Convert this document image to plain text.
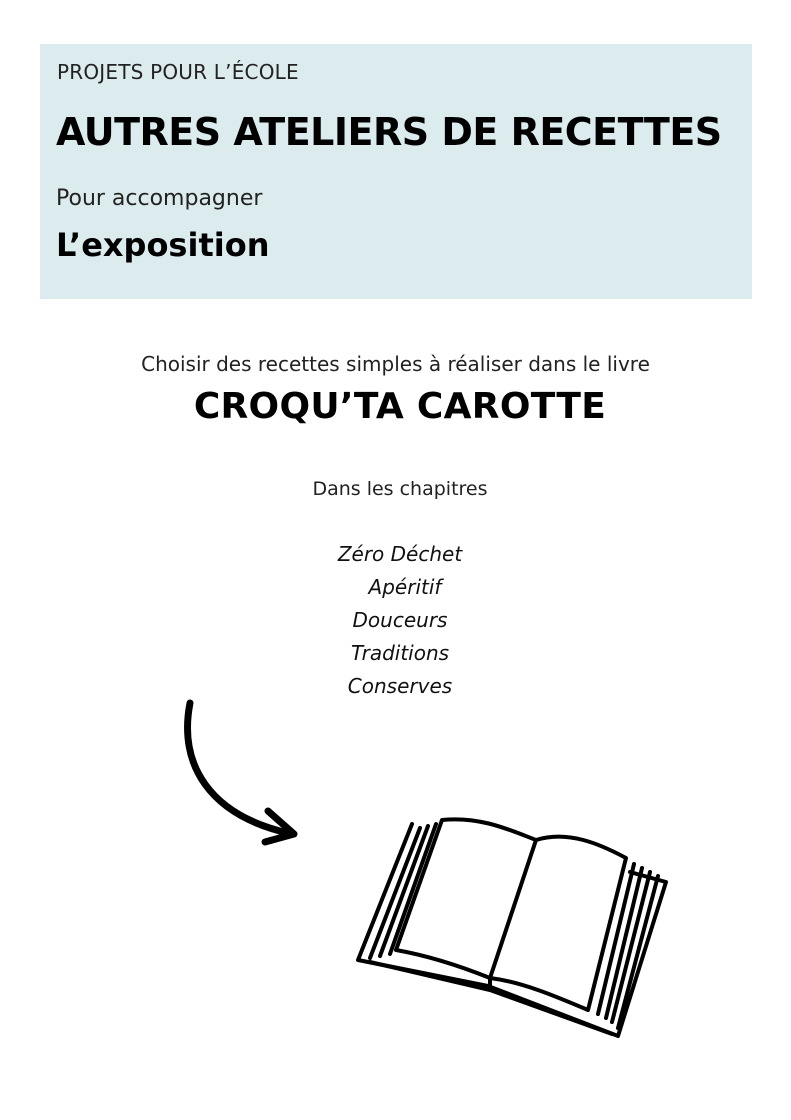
PROJETS POUR L’ÉCOLE
AUTRES ATELIERS DE RECETTES
Pour accompagner
L’exposition
Choisir des recettes simples à réaliser dans le livre
CROQU’TA CAROTTE
Dans les chapitres
Zéro Déchet
Apéritif
Douceurs
Traditions
Conserves
